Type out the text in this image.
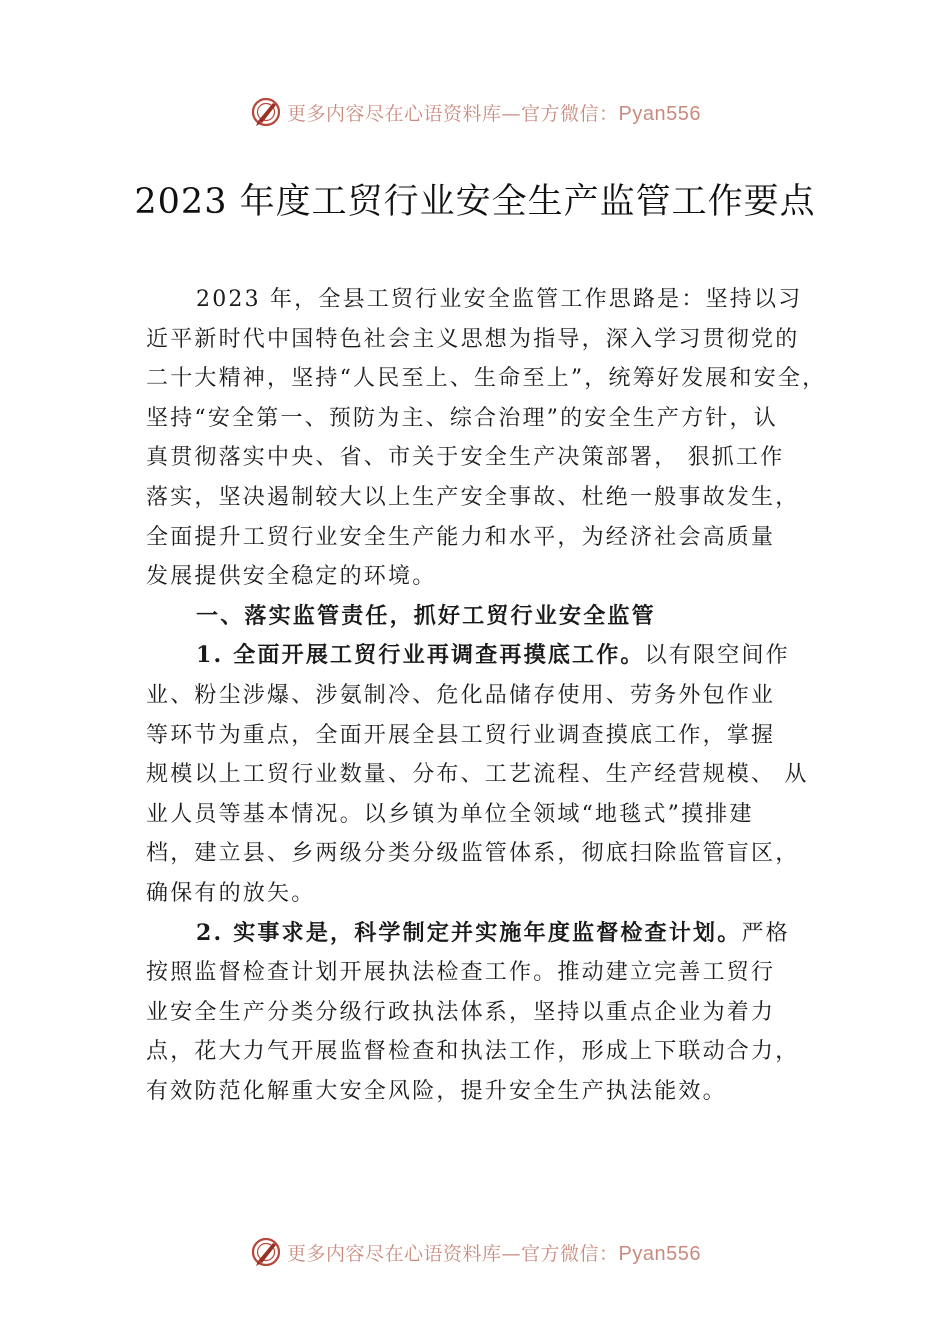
更多内容尽在心语资料库—官方微信：Pyan556
2023 年度工贸行业安全生产监管工作要点
2023 年，全县工贸行业安全监管工作思路是：坚持以习
近平新时代中国特色社会主义思想为指导，深入学习贯彻党的
二十大精神，坚持“人民至上、生命至上”，统筹好发展和安全，
坚持“安全第一、预防为主、综合治理”的安全生产方针，认
真贯彻落实中央、省、市关于安全生产决策部署， 狠抓工作
落实，坚决遏制较大以上生产安全事故、杜绝一般事故发生，
全面提升工贸行业安全生产能力和水平，为经济社会高质量
发展提供安全稳定的环境。
一、落实监管责任，抓好工贸行业安全监管
1. 全面开展工贸行业再调查再摸底工作。以有限空间作
业、粉尘涉爆、涉氨制冷、危化品储存使用、劳务外包作业
等环节为重点，全面开展全县工贸行业调查摸底工作，掌握
规模以上工贸行业数量、分布、工艺流程、生产经营规模、 从
业人员等基本情况。以乡镇为单位全领域“地毯式”摸排建
档，建立县、乡两级分类分级监管体系，彻底扫除监管盲区，
确保有的放矢。
2. 实事求是，科学制定并实施年度监督检查计划。严格
按照监督检查计划开展执法检查工作。推动建立完善工贸行
业安全生产分类分级行政执法体系，坚持以重点企业为着力
点，花大力气开展监督检查和执法工作，形成上下联动合力，
有效防范化解重大安全风险，提升安全生产执法能效。
更多内容尽在心语资料库—官方微信：Pyan556
